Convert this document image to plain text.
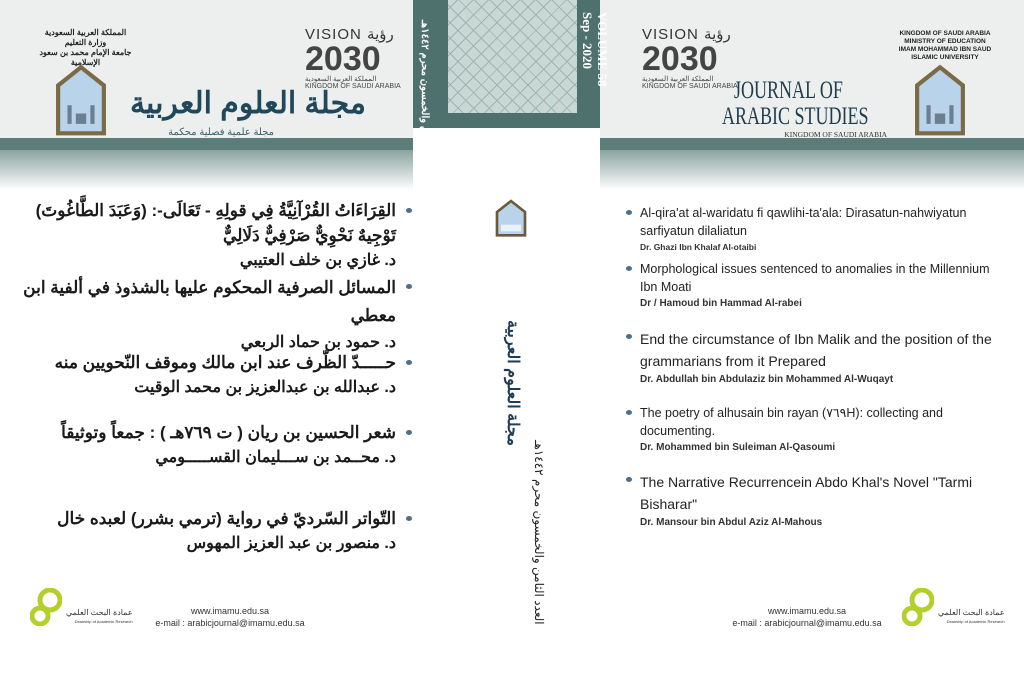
مجلة الثامن والخمسون محرم ١٤٤٢هـ
VOLUME 58
Sep - 2020
مجلة العلوم العربية العدد الثامن والخمسون محرم ١٤٤٢هـ
المملكة العربية السعودية
وزارة التعليم
جامعة الإمام محمد بن سعود الإسلامية
VISION رؤية
2030
المملكة العربية السعودية
KINGDOM OF SAUDI ARABIA
مجلة العلوم العربية
مجلة علمية فصلية محكمة
VISION رؤية
2030
المملكة العربية السعودية
KINGDOM OF SAUDI ARABIA
JOURNAL OF
ARABIC STUDIES
KINGDOM OF SAUDI ARABIA
KINGDOM OF SAUDI ARABIA
MINISTRY OF EDUCATION
IMAM MOHAMMAD IBN SAUD
ISLAMIC UNIVERSITY
القِرَاءَاتُ القُرْآنِيَّةُ فِي قولِهِ - تَعَالَى-: (وَعَبَدَ الطَّاغُوتَ) تَوْجِيهٌ نَحْوِيٌّ صَرْفِيٌّ دَلَالِيٌّ
د. غازي بن خلف العتيبي
المسائل الصرفية المحكوم عليها بالشذوذ في ألفية ابن معطي
د. حمود بن حماد الربعي
حـــــدّ الظّرف عند ابن مالك وموقف النّحويين منه
د. عبدالله بن عبدالعزيز بن محمد الوقيت
شعر الحسين بن ريان ( ت ٧٦٩هـ ) : جمعاً وتوثيقاً
د. محــمد بن ســـليمان القســـــومي
التّواتر السّرديّ في رواية (ترمي بشرر) لعبده خال
د. منصور بن عبد العزيز المهوس
Al-qira'at al-waridatu fi qawlihi-ta'ala: Dirasatun-nahwiyatun sarfiyatun dilaliatun
Dr. Ghazi Ibn Khalaf Al-otaibi
Morphological issues sentenced to anomalies in the Millennium Ibn Moati
Dr / Hamoud bin Hammad Al-rabei
End the circumstance of Ibn Malik and the position of the grammarians from it Prepared
Dr. Abdullah bin Abdulaziz bin Mohammed Al-Wuqayt
The poetry of alhusain bin rayan (٧٦٩H): collecting and documenting.
Dr. Mohammed bin Suleiman Al-Qasoumi
The Narrative Recurrencein Abdo Khal's Novel "Tarmi Bisharar"
Dr. Mansour bin Abdul Aziz Al-Mahous
عمادة البحث العلمي
Deanship of Academic Research
www.imamu.edu.sa
e-mail : arabicjournal@imamu.edu.sa
www.imamu.edu.sa
e-mail : arabicjournal@imamu.edu.sa
عمادة البحث العلمي
Deanship of Academic Research
